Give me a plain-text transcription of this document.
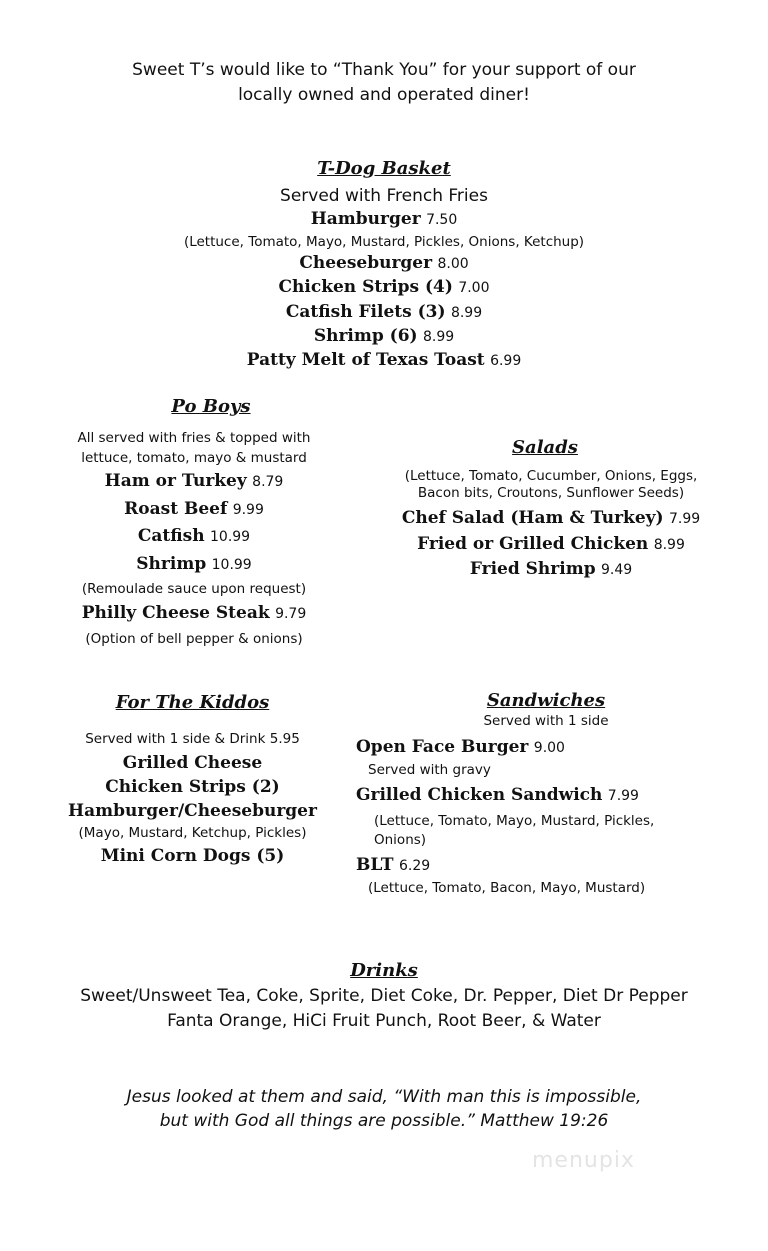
Sweet T’s would like to “Thank You” for your support of our
locally owned and operated diner!
T-Dog Basket
Served with French Fries
Hamburger 7.50
(Lettuce, Tomato, Mayo, Mustard, Pickles, Onions, Ketchup)
Cheeseburger 8.00
Chicken Strips (4) 7.00
Catfish Filets (3) 8.99
Shrimp (6) 8.99
Patty Melt of Texas Toast 6.99
Po Boys
All served with fries & topped with
lettuce, tomato, mayo & mustard
Ham or Turkey 8.79
Roast Beef 9.99
Catfish 10.99
Shrimp 10.99
(Remoulade sauce upon request)
Philly Cheese Steak 9.79
(Option of bell pepper & onions)
Salads
(Lettuce, Tomato, Cucumber, Onions, Eggs, Bacon bits, Croutons, Sunflower Seeds)
Chef Salad (Ham & Turkey) 7.99
Fried or Grilled Chicken 8.99
Fried Shrimp 9.49
For The Kiddos
Served with 1 side & Drink 5.95
Grilled Cheese
Chicken Strips (2)
Hamburger/Cheeseburger
(Mayo, Mustard, Ketchup, Pickles)
Mini Corn Dogs (5)
Sandwiches
Served with 1 side
Open Face Burger 9.00
Served with gravy
Grilled Chicken Sandwich 7.99
(Lettuce, Tomato, Mayo, Mustard, Pickles, Onions)
BLT 6.29
(Lettuce, Tomato, Bacon, Mayo, Mustard)
Drinks
Sweet/Unsweet Tea, Coke, Sprite, Diet Coke, Dr. Pepper, Diet Dr Pepper
Fanta Orange, HiCi Fruit Punch, Root Beer, & Water
Jesus looked at them and said, “With man this is impossible,
but with God all things are possible.” Matthew 19:26
menupix
